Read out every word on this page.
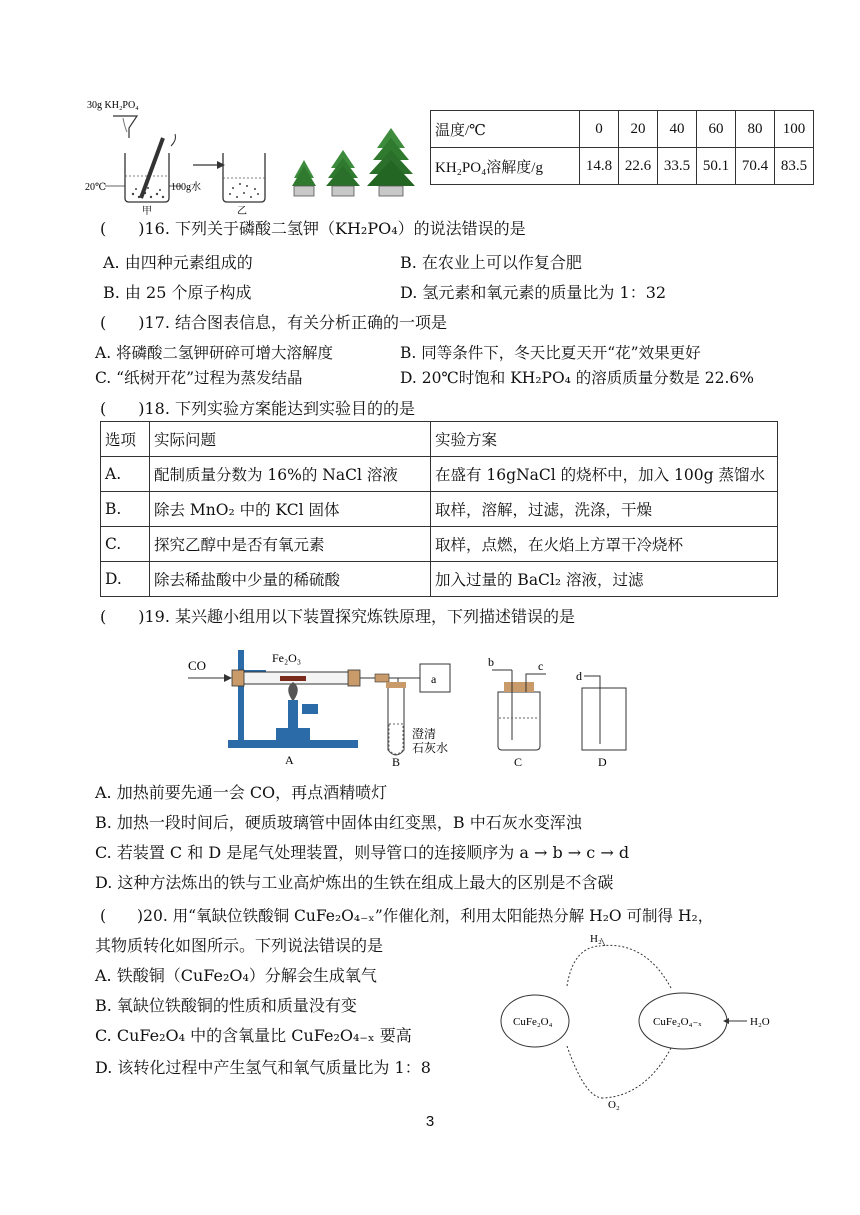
30g KH₂PO₄
20℃	100g水
甲	乙
温度/℃	0	20	40	60	80	100
KH₂PO₄溶解度/g	14.8	22.6	33.5	50.1	70.4	83.5
(　　)16. 下列关于磷酸二氢钾（KH₂PO₄）的说法错误的是
A. 由四种元素组成的	B. 在农业上可以作复合肥
B. 由 25 个原子构成	D. 氢元素和氧元素的质量比为 1：32
(　　)17. 结合图表信息，有关分析正确的一项是
A. 将磷酸二氢钾研碎可增大溶解度	B. 同等条件下，冬天比夏天开“花”效果更好
C. “纸树开花”过程为蒸发结晶	D. 20℃时饱和 KH₂PO₄ 的溶质质量分数是 22.6%
(　　)18. 下列实验方案能达到实验目的的是
选项	实际问题	实验方案
A.	配制质量分数为 16%的 NaCl 溶液	在盛有 16gNaCl 的烧杯中，加入 100g 蒸馏水
B.	除去 MnO₂ 中的 KCl 固体	取样，溶解，过滤，洗涤，干燥
C.	探究乙醇中是否有氧元素	取样，点燃，在火焰上方罩干冷烧杯
D.	除去稀盐酸中少量的稀硫酸	加入过量的 BaCl₂ 溶液，过滤
(　　)19. 某兴趣小组用以下装置探究炼铁原理，下列描述错误的是
CO	Fe₂O₃
A
a
澄清
石灰水
B
b	c
C
d
D
A. 加热前要先通一会 CO，再点酒精喷灯
B. 加热一段时间后，硬质玻璃管中固体由红变黑，B 中石灰水变浑浊
C. 若装置 C 和 D 是尾气处理装置，则导管口的连接顺序为 a → b → c → d
D. 这种方法炼出的铁与工业高炉炼出的生铁在组成上最大的区别是不含碳
(　　)20. 用“氧缺位铁酸铜 CuFe₂O₄₋ₓ”作催化剂，利用太阳能热分解 H₂O 可制得 H₂，
其物质转化如图所示。下列说法错误的是
A. 铁酸铜（CuFe₂O₄）分解会生成氧气
B. 氧缺位铁酸铜的性质和质量没有变
C. CuFe₂O₄ 中的含氧量比 CuFe₂O₄₋ₓ 要高
D. 该转化过程中产生氢气和氧气质量比为 1：8
H₂
CuFe₂O₄	CuFe₂O₄₋ₓ	H₂O
O₂
3
